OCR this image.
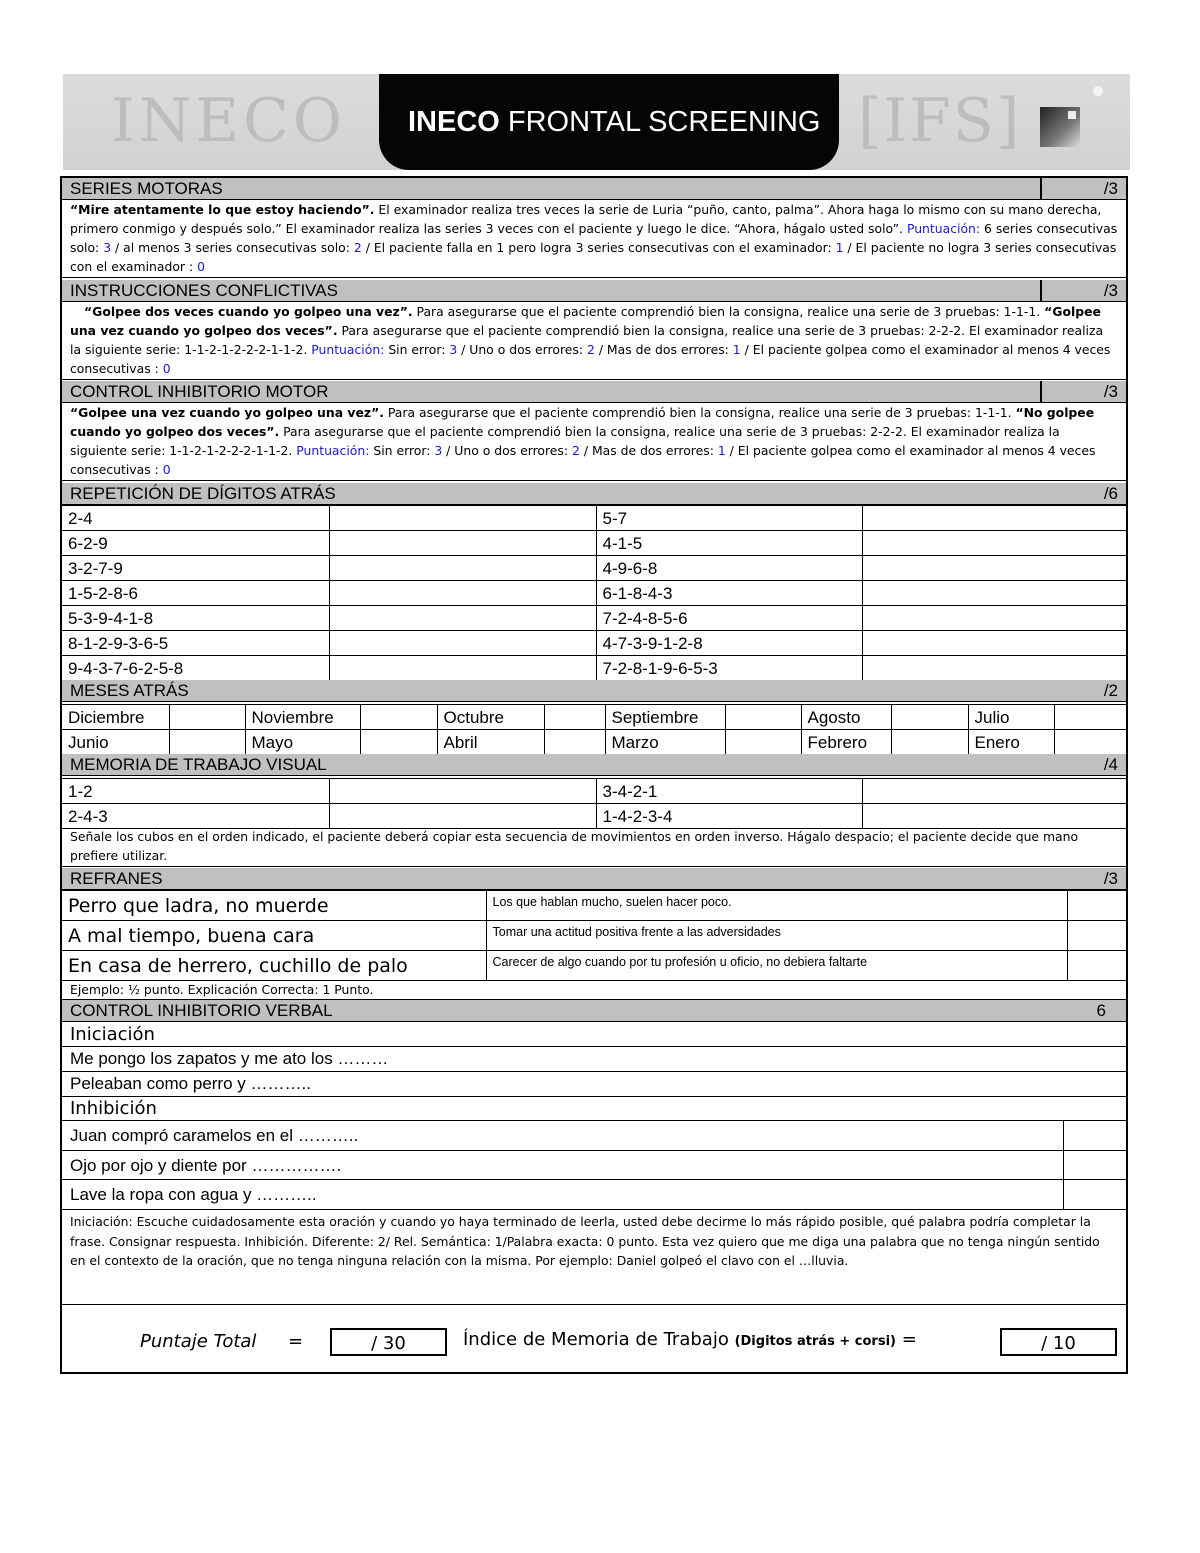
INECO INECO FRONTAL SCREENING [IFS]
SERIES MOTORAS	/3
“Mire atentamente lo que estoy haciendo”. El examinador realiza tres veces la serie de Luria “puño, canto, palma”. Ahora haga lo mismo con su mano derecha, primero conmigo y después solo.” El examinador realiza las series 3 veces con el paciente y luego le dice. “Ahora, hágalo usted solo”. Puntuación: 6 series consecutivas solo: 3 / al menos 3 series consecutivas solo: 2 / El paciente falla en 1 pero logra 3 series consecutivas con el examinador: 1 / El paciente no logra 3 series consecutivas con el examinador : 0
INSTRUCCIONES CONFLICTIVAS	/3
“Golpee dos veces cuando yo golpeo una vez”. Para asegurarse que el paciente comprendió bien la consigna, realice una serie de 3 pruebas: 1-1-1. “Golpee una vez cuando yo golpeo dos veces”. Para asegurarse que el paciente comprendió bien la consigna, realice una serie de 3 pruebas: 2-2-2. El examinador realiza la siguiente serie: 1-1-2-1-2-2-2-1-1-2. Puntuación: Sin error: 3 / Uno o dos errores: 2 / Mas de dos errores: 1 / El paciente golpea como el examinador al menos 4 veces consecutivas : 0
CONTROL INHIBITORIO MOTOR	/3
“Golpee una vez cuando yo golpeo una vez”. Para asegurarse que el paciente comprendió bien la consigna, realice una serie de 3 pruebas: 1-1-1. “No golpee cuando yo golpeo dos veces”. Para asegurarse que el paciente comprendió bien la consigna, realice una serie de 3 pruebas: 2-2-2. El examinador realiza la siguiente serie: 1-1-2-1-2-2-2-1-1-2. Puntuación: Sin error: 3 / Uno o dos errores: 2 / Mas de dos errores: 1 / El paciente golpea como el examinador al menos 4 veces consecutivas : 0
REPETICIÓN DE DÍGITOS ATRÁS	/6
2-4		5-7	
6-2-9		4-1-5	
3-2-7-9		4-9-6-8	
1-5-2-8-6		6-1-8-4-3	
5-3-9-4-1-8		7-2-4-8-5-6	
8-1-2-9-3-6-5		4-7-3-9-1-2-8	
9-4-3-7-6-2-5-8		7-2-8-1-9-6-5-3	
MESES ATRÁS	/2
Diciembre		Noviembre		Octubre		Septiembre		Agosto		Julio	
Junio		Mayo		Abril		Marzo		Febrero		Enero	
MEMORIA DE TRABAJO VISUAL	/4
1-2		3-4-2-1	
2-4-3		1-4-2-3-4	
Señale los cubos en el orden indicado, el paciente deberá copiar esta secuencia de movimientos en orden inverso. Hágalo despacio; el paciente decide que mano prefiere utilizar.
REFRANES	/3
Perro que ladra, no muerde	Los que hablan mucho, suelen hacer poco.	
A mal tiempo, buena cara	Tomar una actitud positiva frente a las adversidades	
En casa de herrero, cuchillo de palo	Carecer de algo cuando por tu profesión u oficio, no debiera faltarte	
Ejemplo: ½ punto. Explicación Correcta: 1 Punto.
CONTROL INHIBITORIO VERBAL	6
Iniciación
Me pongo los zapatos y me ato los ………
Peleaban como perro y ………..
Inhibición
Juan compró caramelos en el ………..
Ojo por ojo y diente por …………….
Lave la ropa con agua y ………..
Iniciación: Escuche cuidadosamente esta oración y cuando yo haya terminado de leerla, usted debe decirme lo más rápido posible, qué palabra podría completar la frase. Consignar respuesta. Inhibición. Diferente: 2/ Rel. Semántica: 1/Palabra exacta: 0 punto. Esta vez quiero que me diga una palabra que no tenga ningún sentido en el contexto de la oración, que no tenga ninguna relación con la misma. Por ejemplo: Daniel golpeó el clavo con el …lluvia.
Puntaje Total =	/ 30	Índice de Memoria de Trabajo (Digitos atrás + corsi) =	/ 10
